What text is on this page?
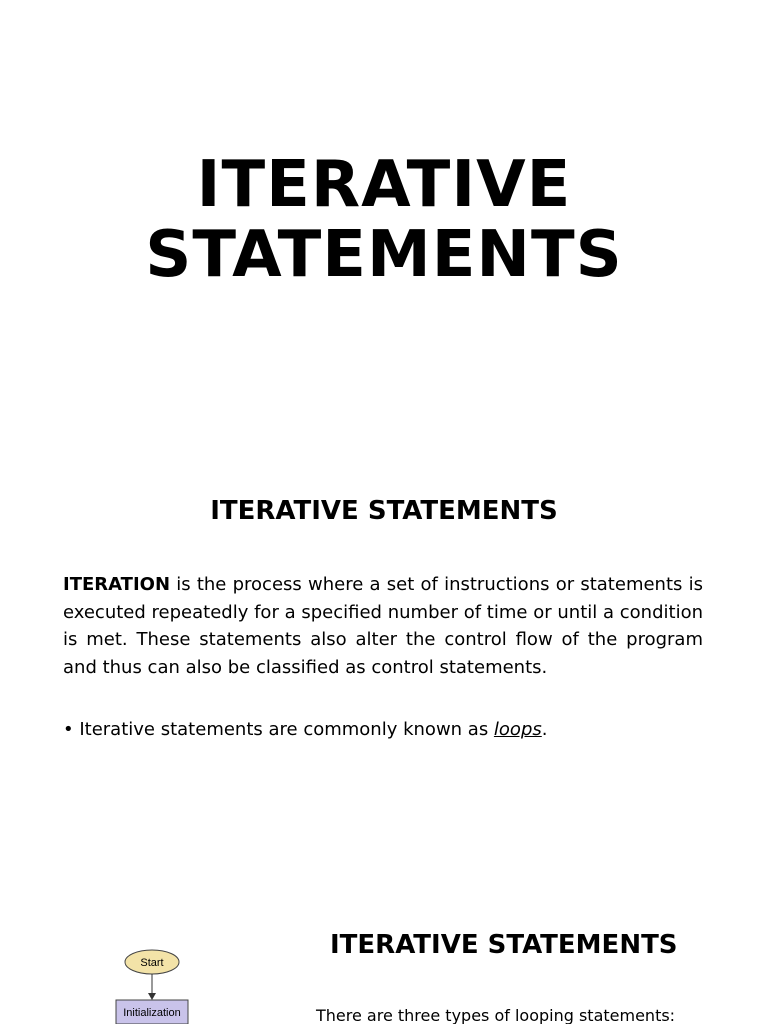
ITERATIVE
STATEMENTS
ITERATIVE STATEMENTS
ITERATION is the process where a set of instructions or statements is executed repeatedly for a specified number of time or until a condition is met. These statements also alter the control flow of the program and thus can also be classified as control statements.
• Iterative statements are commonly known as loops.
Start
Initialization
ITERATIVE STATEMENTS
There are three types of looping statements:
